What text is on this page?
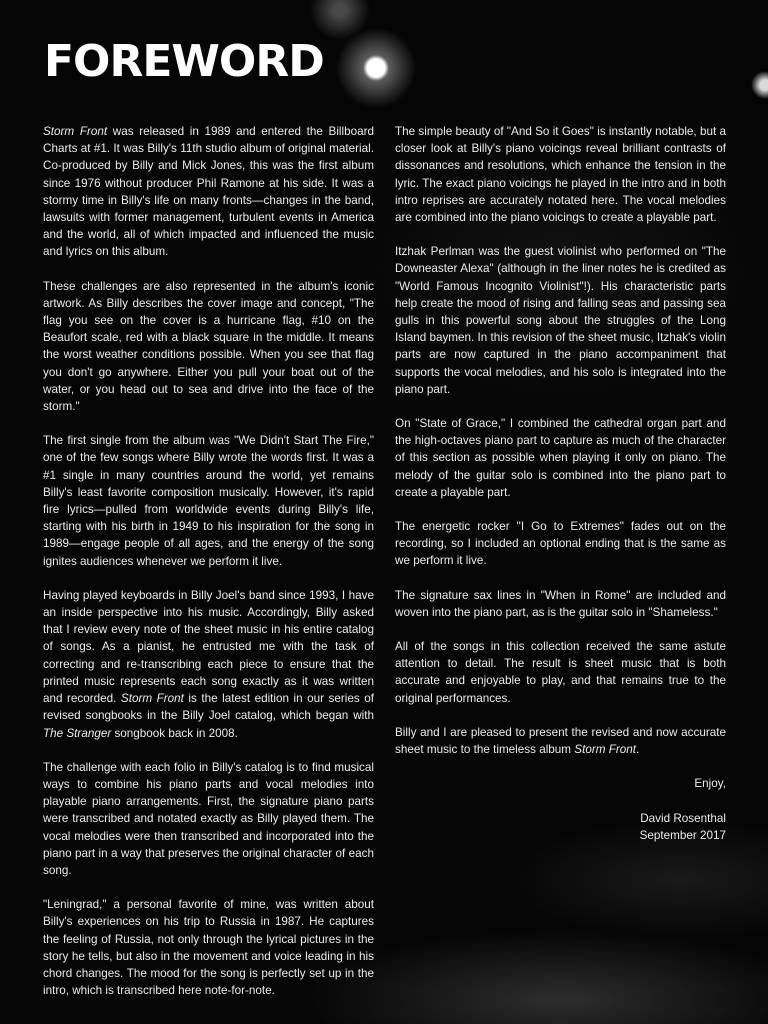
FOREWORD

Storm Front was released in 1989 and entered the Billboard Charts at #1. It was Billy's 11th studio album of original material. Co-produced by Billy and Mick Jones, this was the first album since 1976 without producer Phil Ramone at his side. It was a stormy time in Billy's life on many fronts—changes in the band, lawsuits with former management, turbulent events in America and the world, all of which impacted and influenced the music and lyrics on this album.

These challenges are also represented in the album's iconic artwork. As Billy describes the cover image and concept, "The flag you see on the cover is a hurricane flag, #10 on the Beaufort scale, red with a black square in the middle. It means the worst weather conditions possible. When you see that flag you don't go anywhere. Either you pull your boat out of the water, or you head out to sea and drive into the face of the storm."

The first single from the album was "We Didn't Start The Fire," one of the few songs where Billy wrote the words first. It was a #1 single in many countries around the world, yet remains Billy's least favorite composition musically. However, it's rapid fire lyrics—pulled from worldwide events during Billy's life, starting with his birth in 1949 to his inspiration for the song in 1989—engage people of all ages, and the energy of the song ignites audiences whenever we perform it live.

Having played keyboards in Billy Joel's band since 1993, I have an inside perspective into his music. Accordingly, Billy asked that I review every note of the sheet music in his entire catalog of songs. As a pianist, he entrusted me with the task of correcting and re-transcribing each piece to ensure that the printed music represents each song exactly as it was written and recorded. Storm Front is the latest edition in our series of revised songbooks in the Billy Joel catalog, which began with The Stranger songbook back in 2008.

The challenge with each folio in Billy's catalog is to find musical ways to combine his piano parts and vocal melodies into playable piano arrangements. First, the signature piano parts were transcribed and notated exactly as Billy played them. The vocal melodies were then transcribed and incorporated into the piano part in a way that preserves the original character of each song.

"Leningrad," a personal favorite of mine, was written about Billy's experiences on his trip to Russia in 1987. He captures the feeling of Russia, not only through the lyrical pictures in the story he tells, but also in the movement and voice leading in his chord changes. The mood for the song is perfectly set up in the intro, which is transcribed here note-for-note.

The simple beauty of "And So it Goes" is instantly notable, but a closer look at Billy's piano voicings reveal brilliant contrasts of dissonances and resolutions, which enhance the tension in the lyric. The exact piano voicings he played in the intro and in both intro reprises are accurately notated here. The vocal melodies are combined into the piano voicings to create a playable part.

Itzhak Perlman was the guest violinist who performed on "The Downeaster Alexa" (although in the liner notes he is credited as "World Famous Incognito Violinist"!). His characteristic parts help create the mood of rising and falling seas and passing sea gulls in this powerful song about the struggles of the Long Island baymen. In this revision of the sheet music, Itzhak's violin parts are now captured in the piano accompaniment that supports the vocal melodies, and his solo is integrated into the piano part.

On "State of Grace," I combined the cathedral organ part and the high-octaves piano part to capture as much of the character of this section as possible when playing it only on piano. The melody of the guitar solo is combined into the piano part to create a playable part.

The energetic rocker "I Go to Extremes" fades out on the recording, so I included an optional ending that is the same as we perform it live.

The signature sax lines in "When in Rome" are included and woven into the piano part, as is the guitar solo in "Shameless."

All of the songs in this collection received the same astute attention to detail. The result is sheet music that is both accurate and enjoyable to play, and that remains true to the original performances.

Billy and I are pleased to present the revised and now accurate sheet music to the timeless album Storm Front.

Enjoy,

David Rosenthal
September 2017
